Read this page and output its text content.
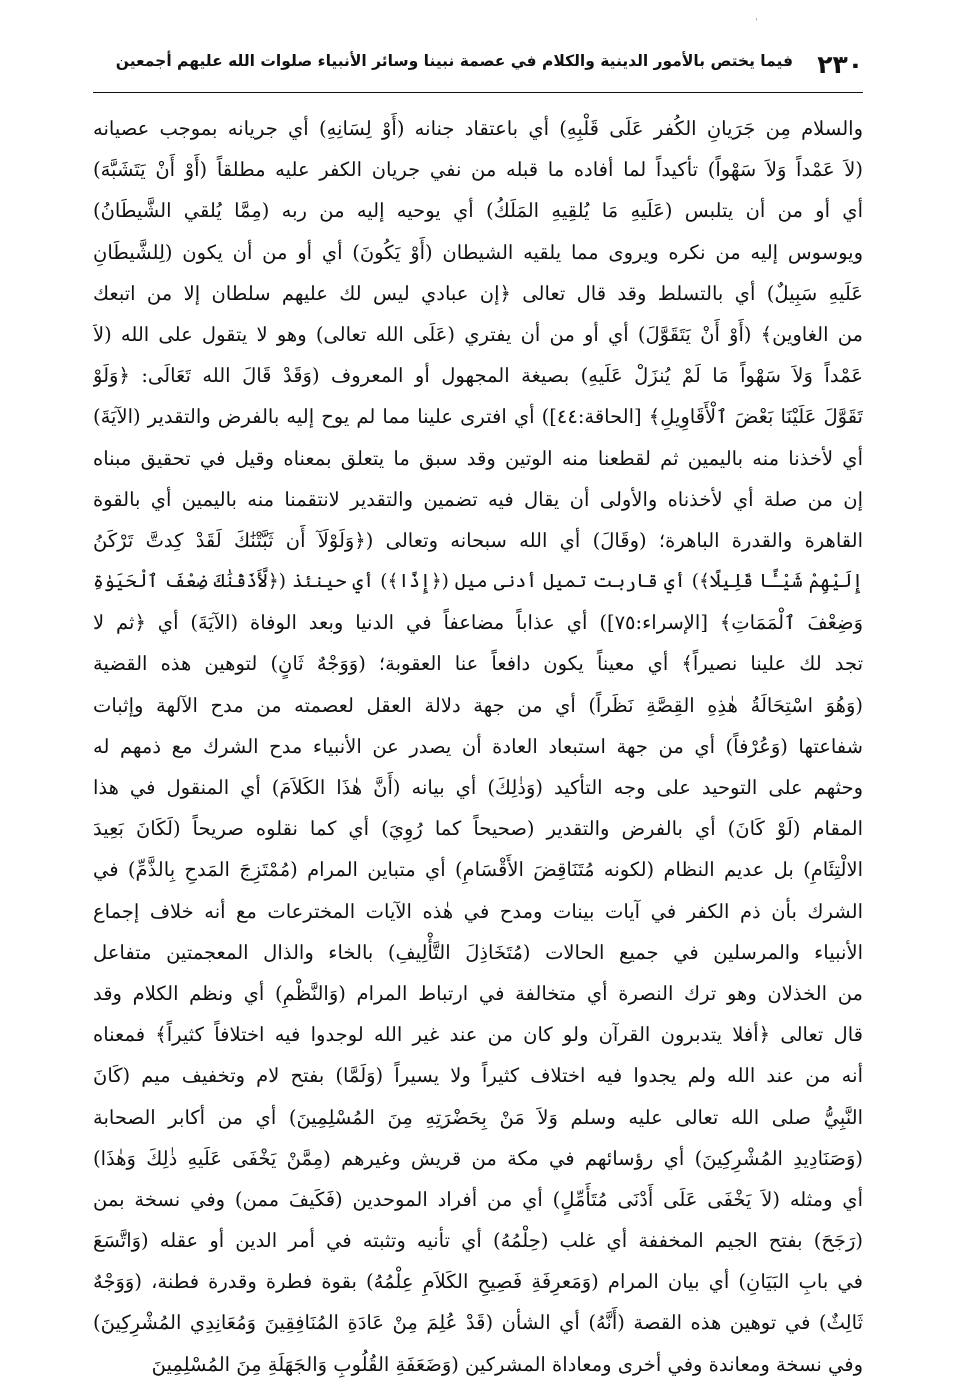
ˈ
٢٣٠
فيما يختص بالأمور الدينية والكلام في عصمة نبينا وسائر الأنبياء صلوات الله عليهم أجمعين
والسلام مِن جَرَيانِ الكُفر عَلَى قَلْبِهِ) أي باعتقاد جنانه (أَوْ لِسَانِهِ) أي جريانه بموجب عصيانه
(لاَ عَمْداً وَلاَ سَهْواً) تأكيداً لما أفاده ما قبله من نفي جريان الكفر عليه مطلقاً (أَوْ أَنْ يَتَشَبَّهَ)
أي أو من أن يتلبس (عَلَيهِ مَا يُلقِيهِ المَلَكُ) أي يوحيه إليه من ربه (مِمَّا يُلقي الشَّيطَانُ)
ويوسوس إليه من نكره ويروى مما يلقيه الشيطان (أَوْ يَكُونَ) أي أو من أن يكون (لِلشَّيطَانِ
عَلَيهِ سَبِيلٌ) أي بالتسلط وقد قال تعالى ﴿إن عبادي ليس لك عليهم سلطان إلا من اتبعك
من الغاوين﴾ (أَوْ أَنْ يَتَقَوَّلَ) أي أو من أن يفتري (عَلَى الله تعالى) وهو لا يتقول على الله (لاَ
عَمْداً وَلاَ سَهْواً مَا لَمْ يُنزَلْ عَلَيهِ) بصيغة المجهول أو المعروف (وَقَدْ قَالَ الله تَعَالَى: ﴿وَلَوْ
تَقَوَّلَ عَلَيْنَا بَعْضَ ٱلْأَقَاوِيلِ﴾ [الحاقة:٤٤]) أي افترى علينا مما لم يوح إليه بالفرض والتقدير (الآيَةَ)
أي لأخذنا منه باليمين ثم لقطعنا منه الوتين وقد سبق ما يتعلق بمعناه وقيل في تحقيق مبناه
إن من صلة أي لأخذناه والأولى أن يقال فيه تضمين والتقدير لانتقمنا منه باليمين أي بالقوة
القاهرة والقدرة الباهرة؛ (وقَالَ) أي الله سبحانه وتعالى (﴿وَلَوْلَآ أَن ثَبَّتْنَٰكَ لَقَدْ كِدتَّ تَرْكَنُ
إِلَيْهِمْ شَيْـًٔا قَلِيلًا﴾) أي قاربت تميل أدنى ميل (﴿إِذًا﴾) أي حينئذ (﴿لَّأَذَقْنَٰكَ ضِعْفَ ٱلْحَيَوٰةِ
وَضِعْفَ ٱلْمَمَاتِ﴾ [الإسراء:٧٥]) أي عذاباً مضاعفاً في الدنيا وبعد الوفاة (الآيَةَ) أي ﴿ثم لا
تجد لك علينا نصيراً﴾ أي معيناً يكون دافعاً عنا العقوبة؛ (وَوَجْهٌ ثَانٍ) لتوهين هذه القضية
(وَهُوَ اسْتِحَالَةُ هٰذِهِ القِصَّةِ نَظَراً) أي من جهة دلالة العقل لعصمته من مدح الآلهة وإثبات
شفاعتها (وَعُرْفاً) أي من جهة استبعاد العادة أن يصدر عن الأنبياء مدح الشرك مع ذمهم له
وحثهم على التوحيد على وجه التأكيد (وَذٰلِكَ) أي بيانه (أَنَّ هٰذَا الكَلاَمَ) أي المنقول في هذا
المقام (لَوْ كَانَ) أي بالفرض والتقدير (صحيحاً كما رُوِيَ) أي كما نقلوه صريحاً (لَكَانَ بَعِيدَ
الالْتِئَامِ) بل عديم النظام (لكونه مُتَنَاقِضَ الأَقْسَامِ) أي متباين المرام (مُمْتَزِجَ المَدحِ بِالذَّمِّ) في
الشرك بأن ذم الكفر في آيات بينات ومدح في هٰذه الآيات المخترعات مع أنه خلاف إجماع
الأنبياء والمرسلين في جميع الحالات (مُتَخَاذِلَ التَّأْلِيفِ) بالخاء والذال المعجمتين متفاعل
من الخذلان وهو ترك النصرة أي متخالفة في ارتباط المرام (وَالنَّظْمِ) أي ونظم الكلام وقد
قال تعالى ﴿أفلا يتدبرون القرآن ولو كان من عند غير الله لوجدوا فيه اختلافاً كثيراً﴾ فمعناه
أنه من عند الله ولم يجدوا فيه اختلاف كثيراً ولا يسيراً (وَلَمَّا) بفتح لام وتخفيف ميم (كَانَ
النَّبِيُّ صلى الله تعالى عليه وسلم وَلاَ مَنْ بِحَضْرَتِهِ مِنَ المُسْلِمِينَ) أي من أكابر الصحابة
(وَصَنَادِيدِ المُشْرِكِينَ) أي رؤسائهم في مكة من قريش وغيرهم (مِمَّنْ يَخْفَى عَلَيهِ ذٰلِكَ وَهٰذَا)
أي ومثله (لاَ يَخْفَى عَلَى أَدْنَى مُتَأَمِّلٍ) أي من أفراد الموحدين (فَكَيفَ ممن) وفي نسخة بمن
(رَجَحَ) بفتح الجيم المخففة أي غلب (حِلْمُهُ) أي تأنيه وتثبته في أمر الدين أو عقله (وَاتَّسَعَ
في بابِ البَيَانِ) أي بيان المرام (وَمَعرِفَةِ فَصِيحِ الكَلاَمِ عِلْمُهُ) بقوة فطرة وقدرة فطنة، (وَوَجْهٌ
ثَالِثٌ) في توهين هذه القصة (أَنَّهُ) أي الشأن (قَدْ عُلِمَ مِنْ عَادَةِ المُنَافِقِينَ وَمُعَانِدِي المُشْرِكِينَ)
وفي نسخة ومعاندة وفي أخرى ومعاداة المشركين (وَضَعَفَةِ القُلُوبِ وَالجَهَلَةِ مِنَ المُسْلِمِينَ
